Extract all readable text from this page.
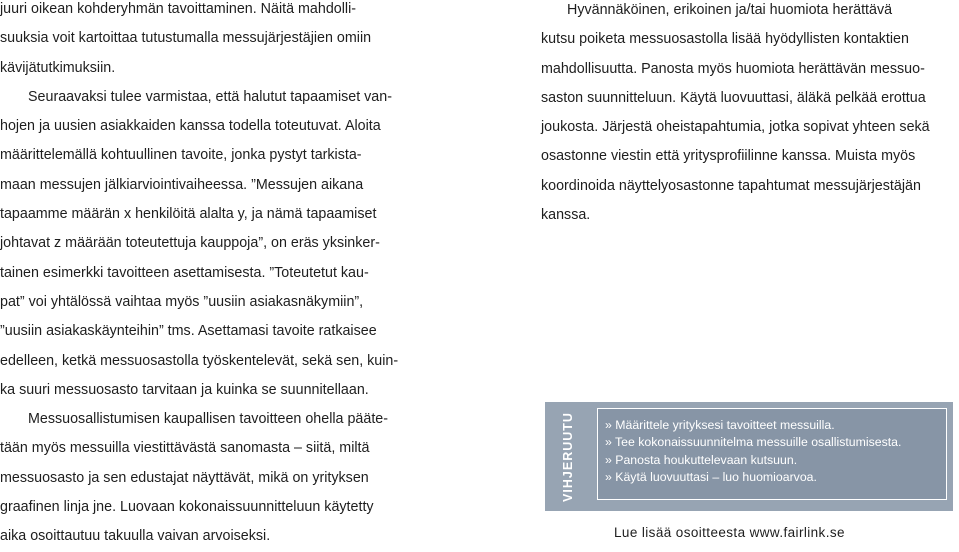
juuri oikean kohderyhmän tavoittaminen. Näitä mahdolli-
suuksia voit kartoittaa tutustumalla messujärjestäjien omiin
kävijätutkimuksiin.

Seuraavaksi tulee varmistaa, että halutut tapaamiset van-
hojen ja uusien asiakkaiden kanssa todella toteutuvat. Aloita
määrittelemällä kohtuullinen tavoite, jonka pystyt tarkista-
maan messujen jälkiarviointivaiheessa. ”Messujen aikana
tapaamme määrän x henkilöitä alalta y, ja nämä tapaamiset
johtavat z määrään toteutettuja kauppoja”, on eräs yksinker-
tainen esimerkki tavoitteen asettamisesta. ”Toteutetut kau-
pat” voi yhtälössä vaihtaa myös ”uusiin asiakasnäkymiin”,
”uusiin asiakaskäynteihin” tms. Asettamasi tavoite ratkaisee
edelleen, ketkä messuosastolla työskentelevät, sekä sen, kuin-
ka suuri messuosasto tarvitaan ja kuinka se suunnitellaan.

Messuosallistumisen kaupallisen tavoitteen ohella pääte-
tään myös messuilla viestittävästä sanomasta – siitä, miltä
messuosasto ja sen edustajat näyttävät, mikä on yrityksen
graafinen linja jne. Luovaan kokonaissuunnitteluun käytetty
aika osoittautuu takuulla vaivan arvoiseksi.

Hyvännäköinen, erikoinen ja/tai huomiota herättävä
kutsu poiketa messuosastolla lisää hyödyllisten kontaktien
mahdollisuutta. Panosta myös huomiota herättävän messuo-
saston suunnitteluun. Käytä luovuuttasi, äläkä pelkää erottua
joukosta. Järjestä oheistapahtumia, jotka sopivat yhteen sekä
osastonne viestin että yritysprofiilinne kanssa. Muista myös
koordinoida näyttelyosastonne tapahtumat messujärjestäjän
kanssa.

VIHJERUUTU » Määrittele yrityksesi tavoitteet messuilla.
» Tee kokonaissuunnitelma messuille osallistumisesta.
» Panosta houkuttelevaan kutsuun.
» Käytä luovuuttasi – luo huomioarvoa.
Lue lisää osoitteesta www.fairlink.se
